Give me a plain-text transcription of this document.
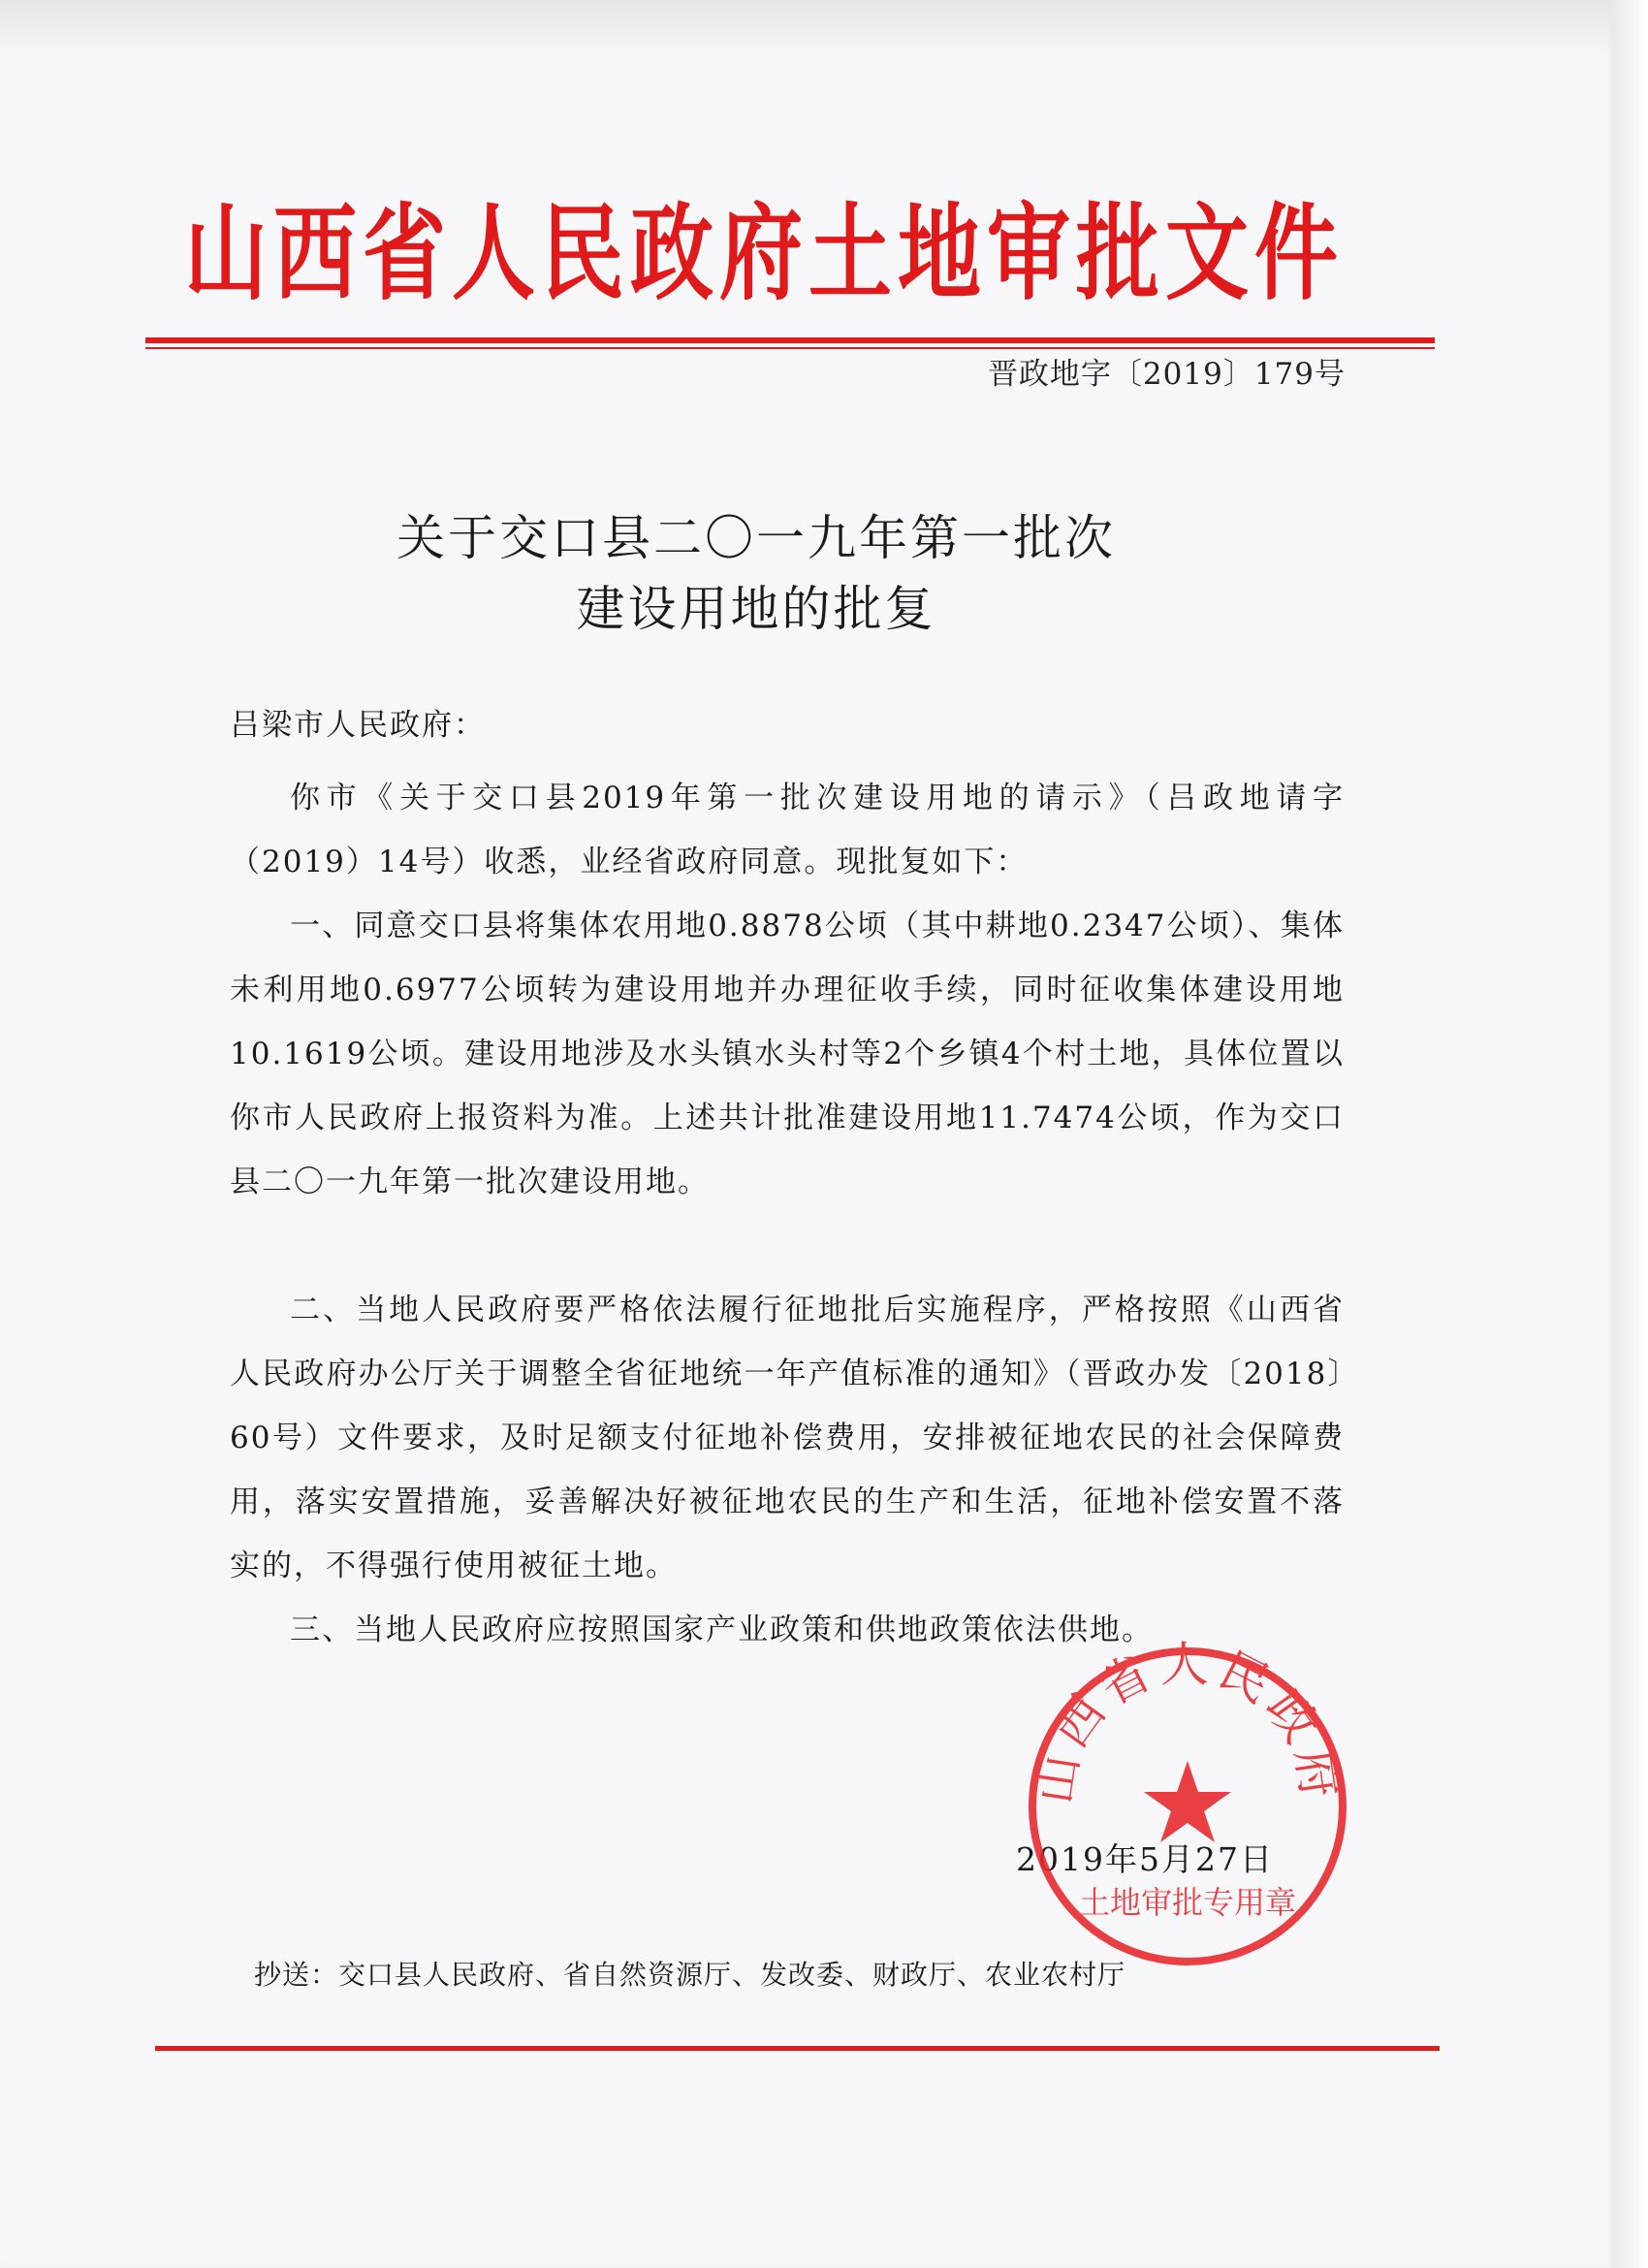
山西省人民政府土地审批文件
晋政地字〔2019〕179号
关于交口县二〇一九年第一批次
建设用地的批复
吕梁市人民政府：

你市《关于交口县2019年第一批次建设用地的请示》（吕政地请字（2019）14号）收悉，业经省政府同意。现批复如下：

一、同意交口县将集体农用地0.8878公顷（其中耕地0.2347公顷）、集体未利用地0.6977公顷转为建设用地并办理征收手续，同时征收集体建设用地10.1619公顷。建设用地涉及水头镇水头村等2个乡镇4个村土地，具体位置以你市人民政府上报资料为准。上述共计批准建设用地11.7474公顷，作为交口县二〇一九年第一批次建设用地。

二、当地人民政府要严格依法履行征地批后实施程序，严格按照《山西省人民政府办公厅关于调整全省征地统一年产值标准的通知》（晋政办发〔2018〕60号）文件要求，及时足额支付征地补偿费用，安排被征地农民的社会保障费用，落实安置措施，妥善解决好被征地农民的生产和生活，征地补偿安置不落实的，不得强行使用被征土地。

三、当地人民政府应按照国家产业政策和供地政策依法供地。

2019年5月27日
山西省人民政府
土地审批专用章
抄送：交口县人民政府、省自然资源厅、发改委、财政厅、农业农村厅
